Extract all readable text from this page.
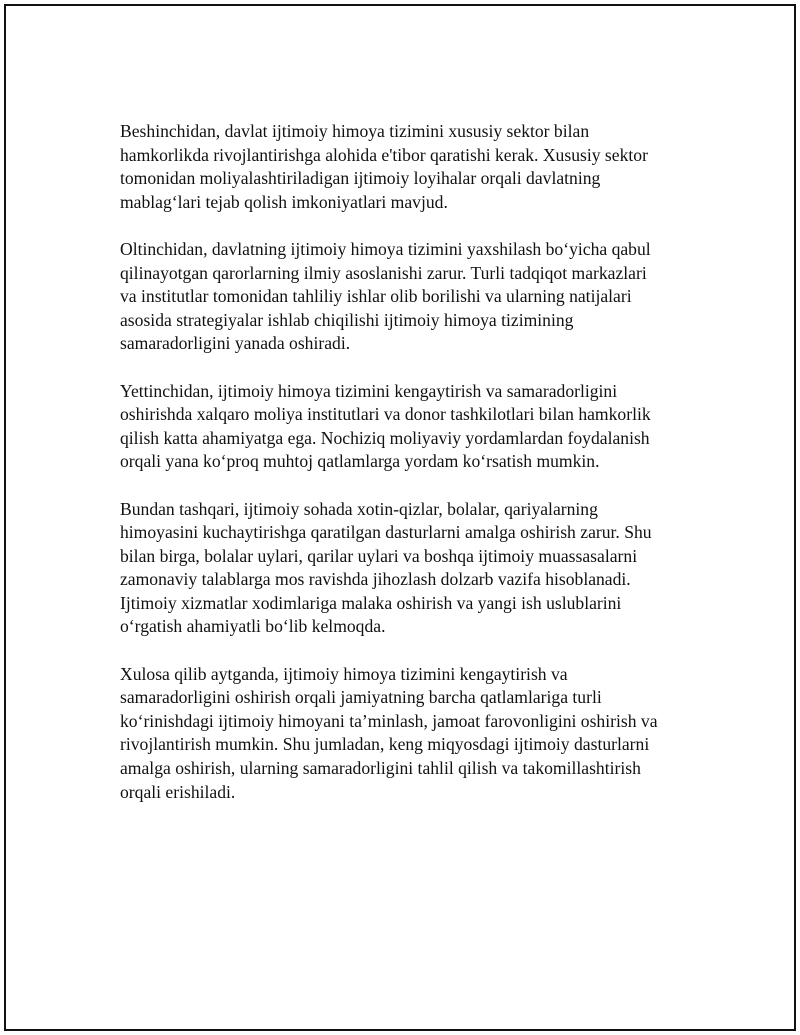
Beshinchidan, davlat ijtimoiy himoya tizimini xususiy sektor bilan
hamkorlikda rivojlantirishga alohida e'tibor qaratishi kerak. Xususiy sektor
tomonidan moliyalashtiriladigan ijtimoiy loyihalar orqali davlatning
mablag‘lari tejab qolish imkoniyatlari mavjud.

Oltinchidan, davlatning ijtimoiy himoya tizimini yaxshilash bo‘yicha qabul
qilinayotgan qarorlarning ilmiy asoslanishi zarur. Turli tadqiqot markazlari
va institutlar tomonidan tahliliy ishlar olib borilishi va ularning natijalari
asosida strategiyalar ishlab chiqilishi ijtimoiy himoya tizimining
samaradorligini yanada oshiradi.

Yettinchidan, ijtimoiy himoya tizimini kengaytirish va samaradorligini
oshirishda xalqaro moliya institutlari va donor tashkilotlari bilan hamkorlik
qilish katta ahamiyatga ega. Nochiziq moliyaviy yordamlardan foydalanish
orqali yana ko‘proq muhtoj qatlamlarga yordam ko‘rsatish mumkin.

Bundan tashqari, ijtimoiy sohada xotin-qizlar, bolalar, qariyalarning
himoyasini kuchaytirishga qaratilgan dasturlarni amalga oshirish zarur. Shu
bilan birga, bolalar uylari, qarilar uylari va boshqa ijtimoiy muassasalarni
zamonaviy talablarga mos ravishda jihozlash dolzarb vazifa hisoblanadi.
Ijtimoiy xizmatlar xodimlariga malaka oshirish va yangi ish uslublarini
o‘rgatish ahamiyatli bo‘lib kelmoqda.

Xulosa qilib aytganda, ijtimoiy himoya tizimini kengaytirish va
samaradorligini oshirish orqali jamiyatning barcha qatlamlariga turli
ko‘rinishdagi ijtimoiy himoyani ta’minlash, jamoat farovonligini oshirish va
rivojlantirish mumkin. Shu jumladan, keng miqyosdagi ijtimoiy dasturlarni
amalga oshirish, ularning samaradorligini tahlil qilish va takomillashtirish
orqali erishiladi.
